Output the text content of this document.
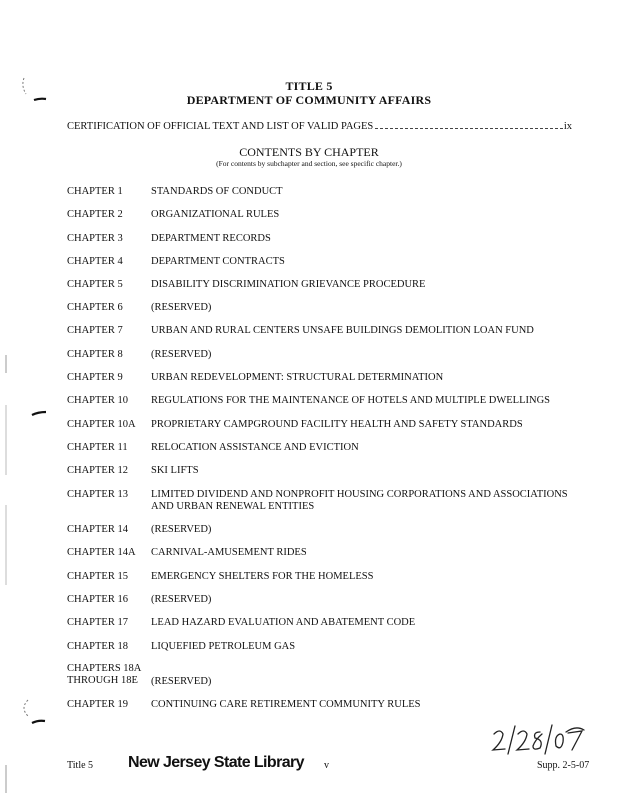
TITLE 5
DEPARTMENT OF COMMUNITY AFFAIRS
CERTIFICATION OF OFFICIAL TEXT AND LIST OF VALID PAGES	ix
CONTENTS BY CHAPTER
(For contents by subchapter and section, see specific chapter.)
CHAPTER 1	STANDARDS OF CONDUCT
CHAPTER 2	ORGANIZATIONAL RULES
CHAPTER 3	DEPARTMENT RECORDS
CHAPTER 4	DEPARTMENT CONTRACTS
CHAPTER 5	DISABILITY DISCRIMINATION GRIEVANCE PROCEDURE
CHAPTER 6	(RESERVED)
CHAPTER 7	URBAN AND RURAL CENTERS UNSAFE BUILDINGS DEMOLITION LOAN FUND
CHAPTER 8	(RESERVED)
CHAPTER 9	URBAN REDEVELOPMENT: STRUCTURAL DETERMINATION
CHAPTER 10	REGULATIONS FOR THE MAINTENANCE OF HOTELS AND MULTIPLE DWELLINGS
CHAPTER 10A	PROPRIETARY CAMPGROUND FACILITY HEALTH AND SAFETY STANDARDS
CHAPTER 11	RELOCATION ASSISTANCE AND EVICTION
CHAPTER 12	SKI LIFTS
CHAPTER 13	LIMITED DIVIDEND AND NONPROFIT HOUSING CORPORATIONS AND ASSOCIATIONS AND URBAN RENEWAL ENTITIES
CHAPTER 14	(RESERVED)
CHAPTER 14A	CARNIVAL-AMUSEMENT RIDES
CHAPTER 15	EMERGENCY SHELTERS FOR THE HOMELESS
CHAPTER 16	(RESERVED)
CHAPTER 17	LEAD HAZARD EVALUATION AND ABATEMENT CODE
CHAPTER 18	LIQUEFIED PETROLEUM GAS
CHAPTERS 18A THROUGH 18E	(RESERVED)
CHAPTER 19	CONTINUING CARE RETIREMENT COMMUNITY RULES
Title 5 New Jersey State Library v	Supp. 2-5-07
